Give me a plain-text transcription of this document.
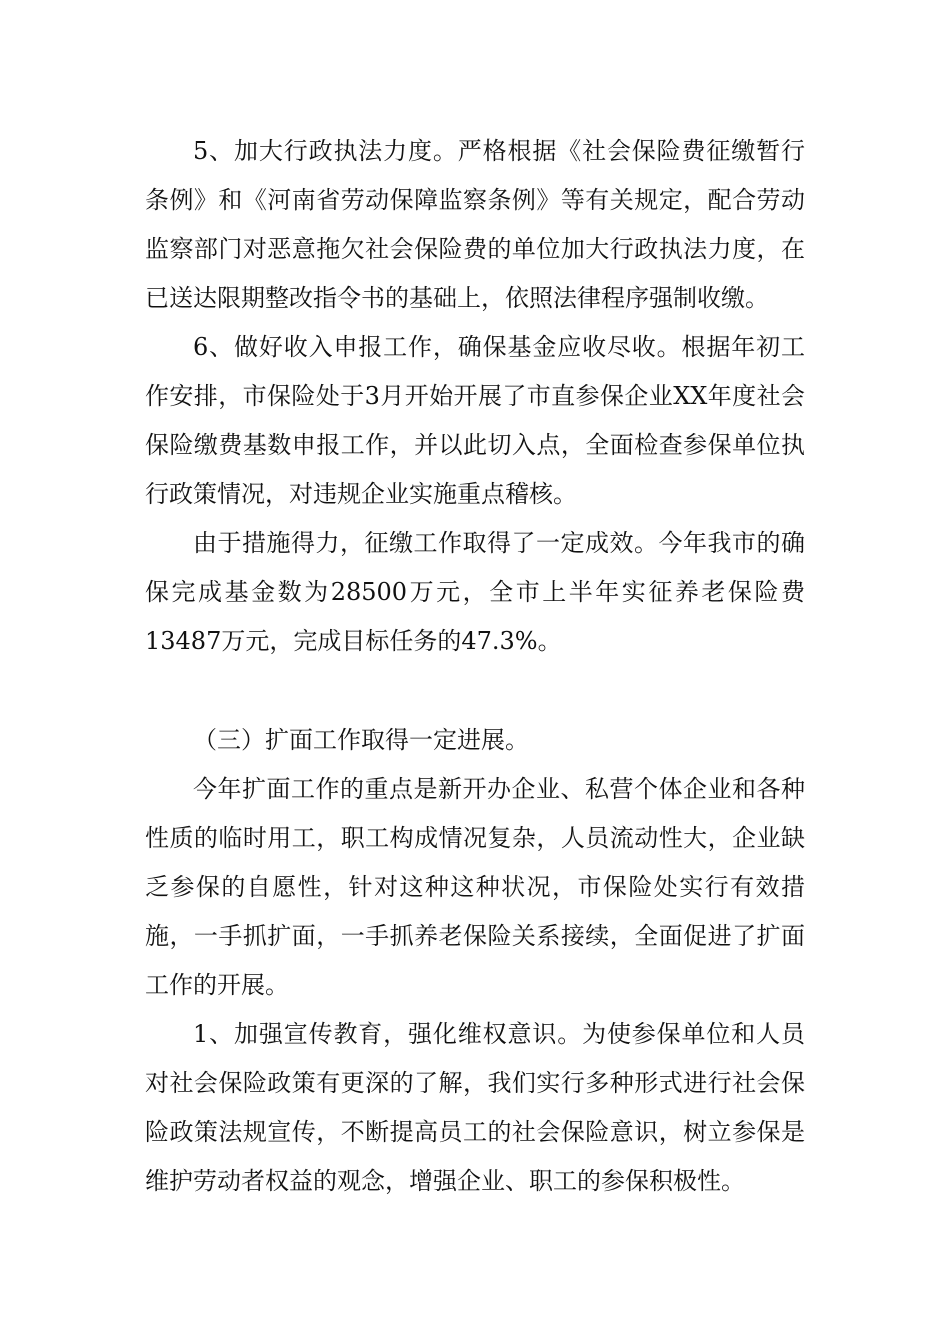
5、加大行政执法力度。严格根据《社会保险费征缴暂行条例》和《河南省劳动保障监察条例》等有关规定，配合劳动监察部门对恶意拖欠社会保险费的单位加大行政执法力度，在已送达限期整改指令书的基础上，依照法律程序强制收缴。

6、做好收入申报工作，确保基金应收尽收。根据年初工作安排，市保险处于3月开始开展了市直参保企业XX年度社会保险缴费基数申报工作，并以此切入点，全面检查参保单位执行政策情况，对违规企业实施重点稽核。

由于措施得力，征缴工作取得了一定成效。今年我市的确保完成基金数为28500万元，全市上半年实征养老保险费13487万元，完成目标任务的47.3%。

（三）扩面工作取得一定进展。

今年扩面工作的重点是新开办企业、私营个体企业和各种性质的临时用工，职工构成情况复杂，人员流动性大，企业缺乏参保的自愿性，针对这种这种状况，市保险处实行有效措施，一手抓扩面，一手抓养老保险关系接续，全面促进了扩面工作的开展。

1、加强宣传教育，强化维权意识。为使参保单位和人员对社会保险政策有更深的了解，我们实行多种形式进行社会保险政策法规宣传，不断提高员工的社会保险意识，树立参保是维护劳动者权益的观念，增强企业、职工的参保积极性。
